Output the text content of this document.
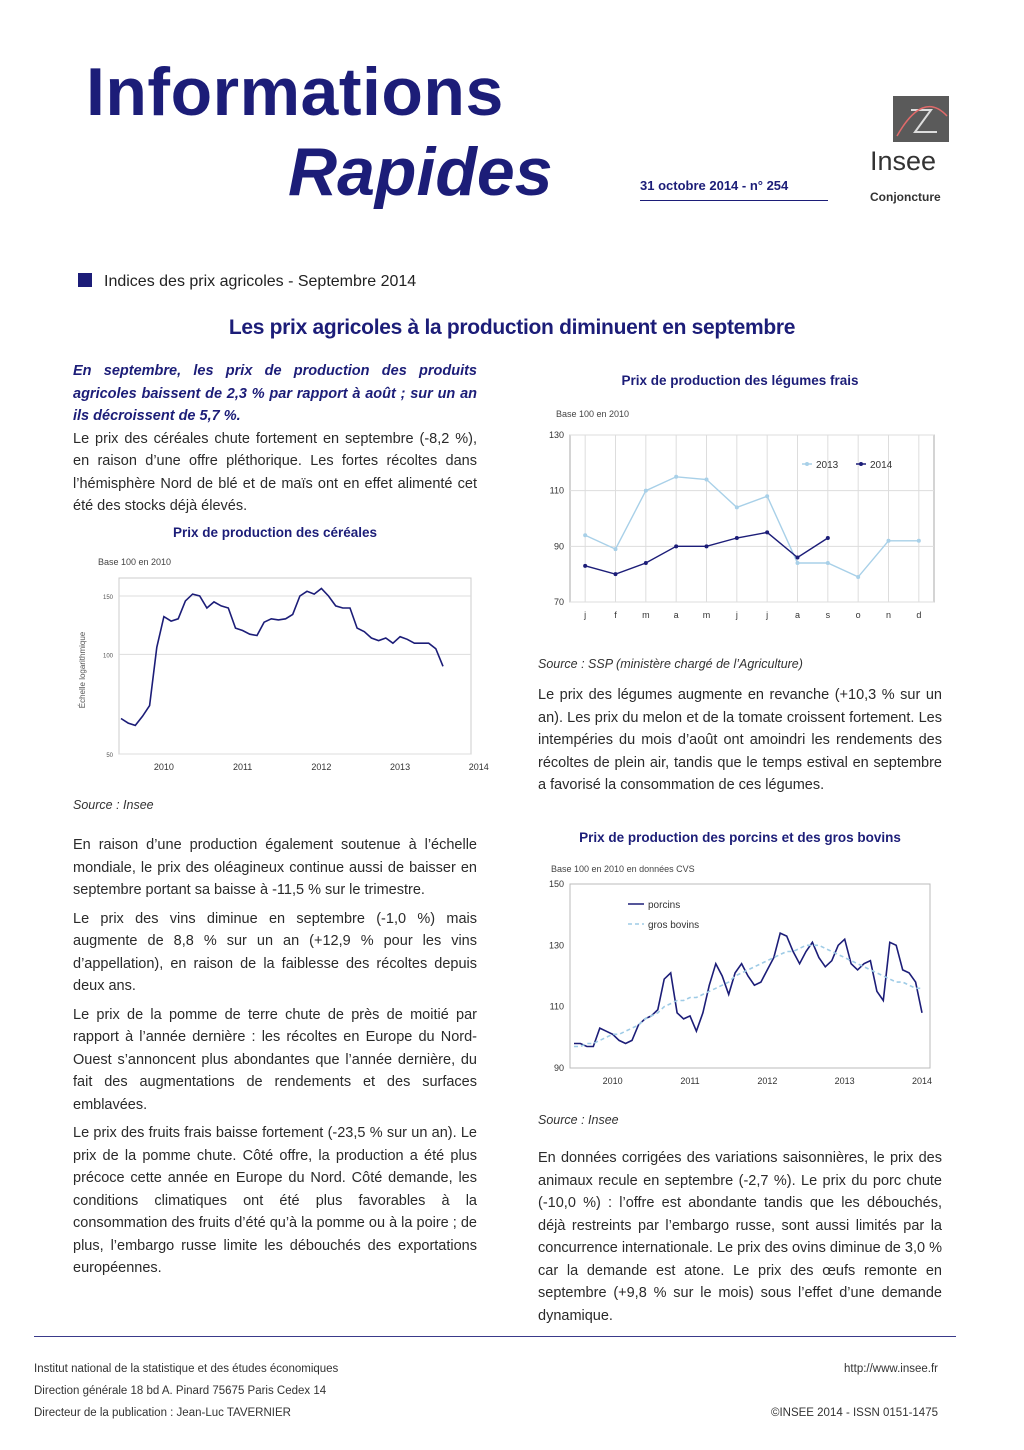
Informations
Rapides	31 octobre 2014 - n° 254
Insee
Conjoncture
Indices des prix agricoles - Septembre 2014
Les prix agricoles à la production diminuent en septembre

En septembre, les prix de production des produits agricoles baissent de 2,3 % par rapport à août ; sur un an ils décroissent de 5,7 %.

Le prix des céréales chute fortement en septembre (-8,2 %), en raison d’une offre pléthorique. Les fortes récoltes dans l’hémisphère Nord de blé et de maïs ont en effet alimenté cet été des stocks déjà élevés.

Prix de production des céréales
Base 100 en 2010
50
100
150
Échelle logarithmique
2010	2011	2012	2013	2014
Source : Insee

En raison d’une production également soutenue à l’échelle mondiale, le prix des oléagineux continue aussi de baisser en septembre portant sa baisse à -11,5 % sur le trimestre.

Le prix des vins diminue en septembre (-1,0 %) mais augmente de 8,8 % sur un an (+12,9 % pour les vins d’appellation), en raison de la faiblesse des récoltes depuis deux ans.

Le prix de la pomme de terre chute de près de moitié par rapport à l’année dernière : les récoltes en Europe du Nord-Ouest s’annoncent plus abondantes que l’année dernière, du fait des augmentations de rendements et des surfaces emblavées.

Le prix des fruits frais baisse fortement (-23,5 % sur un an). Le prix de la pomme chute. Côté offre, la production a été plus précoce cette année en Europe du Nord. Côté demande, les conditions climatiques ont été plus favorables à la consommation des fruits d’été qu’à la pomme ou à la poire ; de plus, l’embargo russe limite les débouchés des exportations européennes.

Prix de production des légumes frais
Base 100 en 2010
j	f	m	a	m	j	j	a	s	o	n	d
70
90
110
130
2013	2014
Source : SSP (ministère chargé de l’Agriculture)

Le prix des légumes augmente en revanche (+10,3 % sur un an). Les prix du melon et de la tomate croissent fortement. Les intempéries du mois d’août ont amoindri les rendements des récoltes de plein air, tandis que le temps estival en septembre a favorisé la consommation de ces légumes.

Prix de production des porcins et des gros bovins
Base 100 en 2010 en données CVS
90
110
130
150
2010	2011	2012	2013	2014
porcins
gros bovins
Source : Insee

En données corrigées des variations saisonnières, le prix des animaux recule en septembre (-2,7 %). Le prix du porc chute (-10,0 %) : l’offre est abondante tandis que les débouchés, déjà restreints par l’embargo russe, sont aussi limités par la concurrence internationale. Le prix des ovins diminue de 3,0 % car la demande est atone. Le prix des œufs remonte en septembre (+9,8 % sur le mois) sous l’effet d’une demande dynamique.

Institut national de la statistique et des études économiques
Direction générale 18 bd A. Pinard 75675 Paris Cedex 14
Directeur de la publication : Jean-Luc TAVERNIER
http://www.insee.fr
©INSEE 2014 - ISSN 0151-1475
